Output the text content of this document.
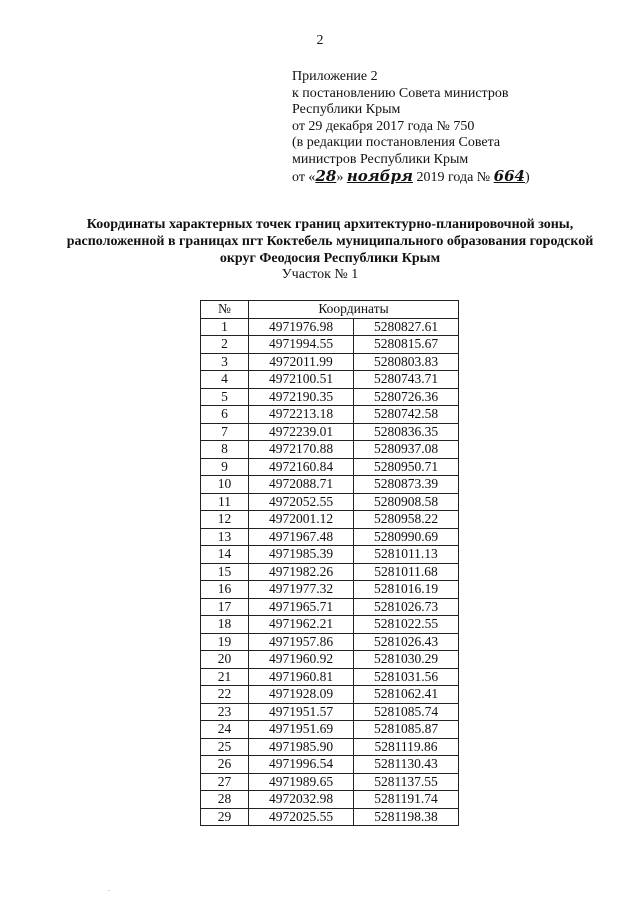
2
Приложение 2
к постановлению Совета министров
Республики Крым
от 29 декабря 2017 года № 750
(в редакции постановления Совета
министров Республики Крым
от «28» ноября 2019 года № 664)
Координаты характерных точек границ архитектурно-планировочной зоны, расположенной в границах пгт Коктебель муниципального образования городской округ Феодосия Республики Крым
Участок № 1
№	Координаты	
1	4971976.98	5280827.61
2	4971994.55	5280815.67
3	4972011.99	5280803.83
4	4972100.51	5280743.71
5	4972190.35	5280726.36
6	4972213.18	5280742.58
7	4972239.01	5280836.35
8	4972170.88	5280937.08
9	4972160.84	5280950.71
10	4972088.71	5280873.39
11	4972052.55	5280908.58
12	4972001.12	5280958.22
13	4971967.48	5280990.69
14	4971985.39	5281011.13
15	4971982.26	5281011.68
16	4971977.32	5281016.19
17	4971965.71	5281026.73
18	4971962.21	5281022.55
19	4971957.86	5281026.43
20	4971960.92	5281030.29
21	4971960.81	5281031.56
22	4971928.09	5281062.41
23	4971951.57	5281085.74
24	4971951.69	5281085.87
25	4971985.90	5281119.86
26	4971996.54	5281130.43
27	4971989.65	5281137.55
28	4972032.98	5281191.74
29	4972025.55	5281198.38
.
